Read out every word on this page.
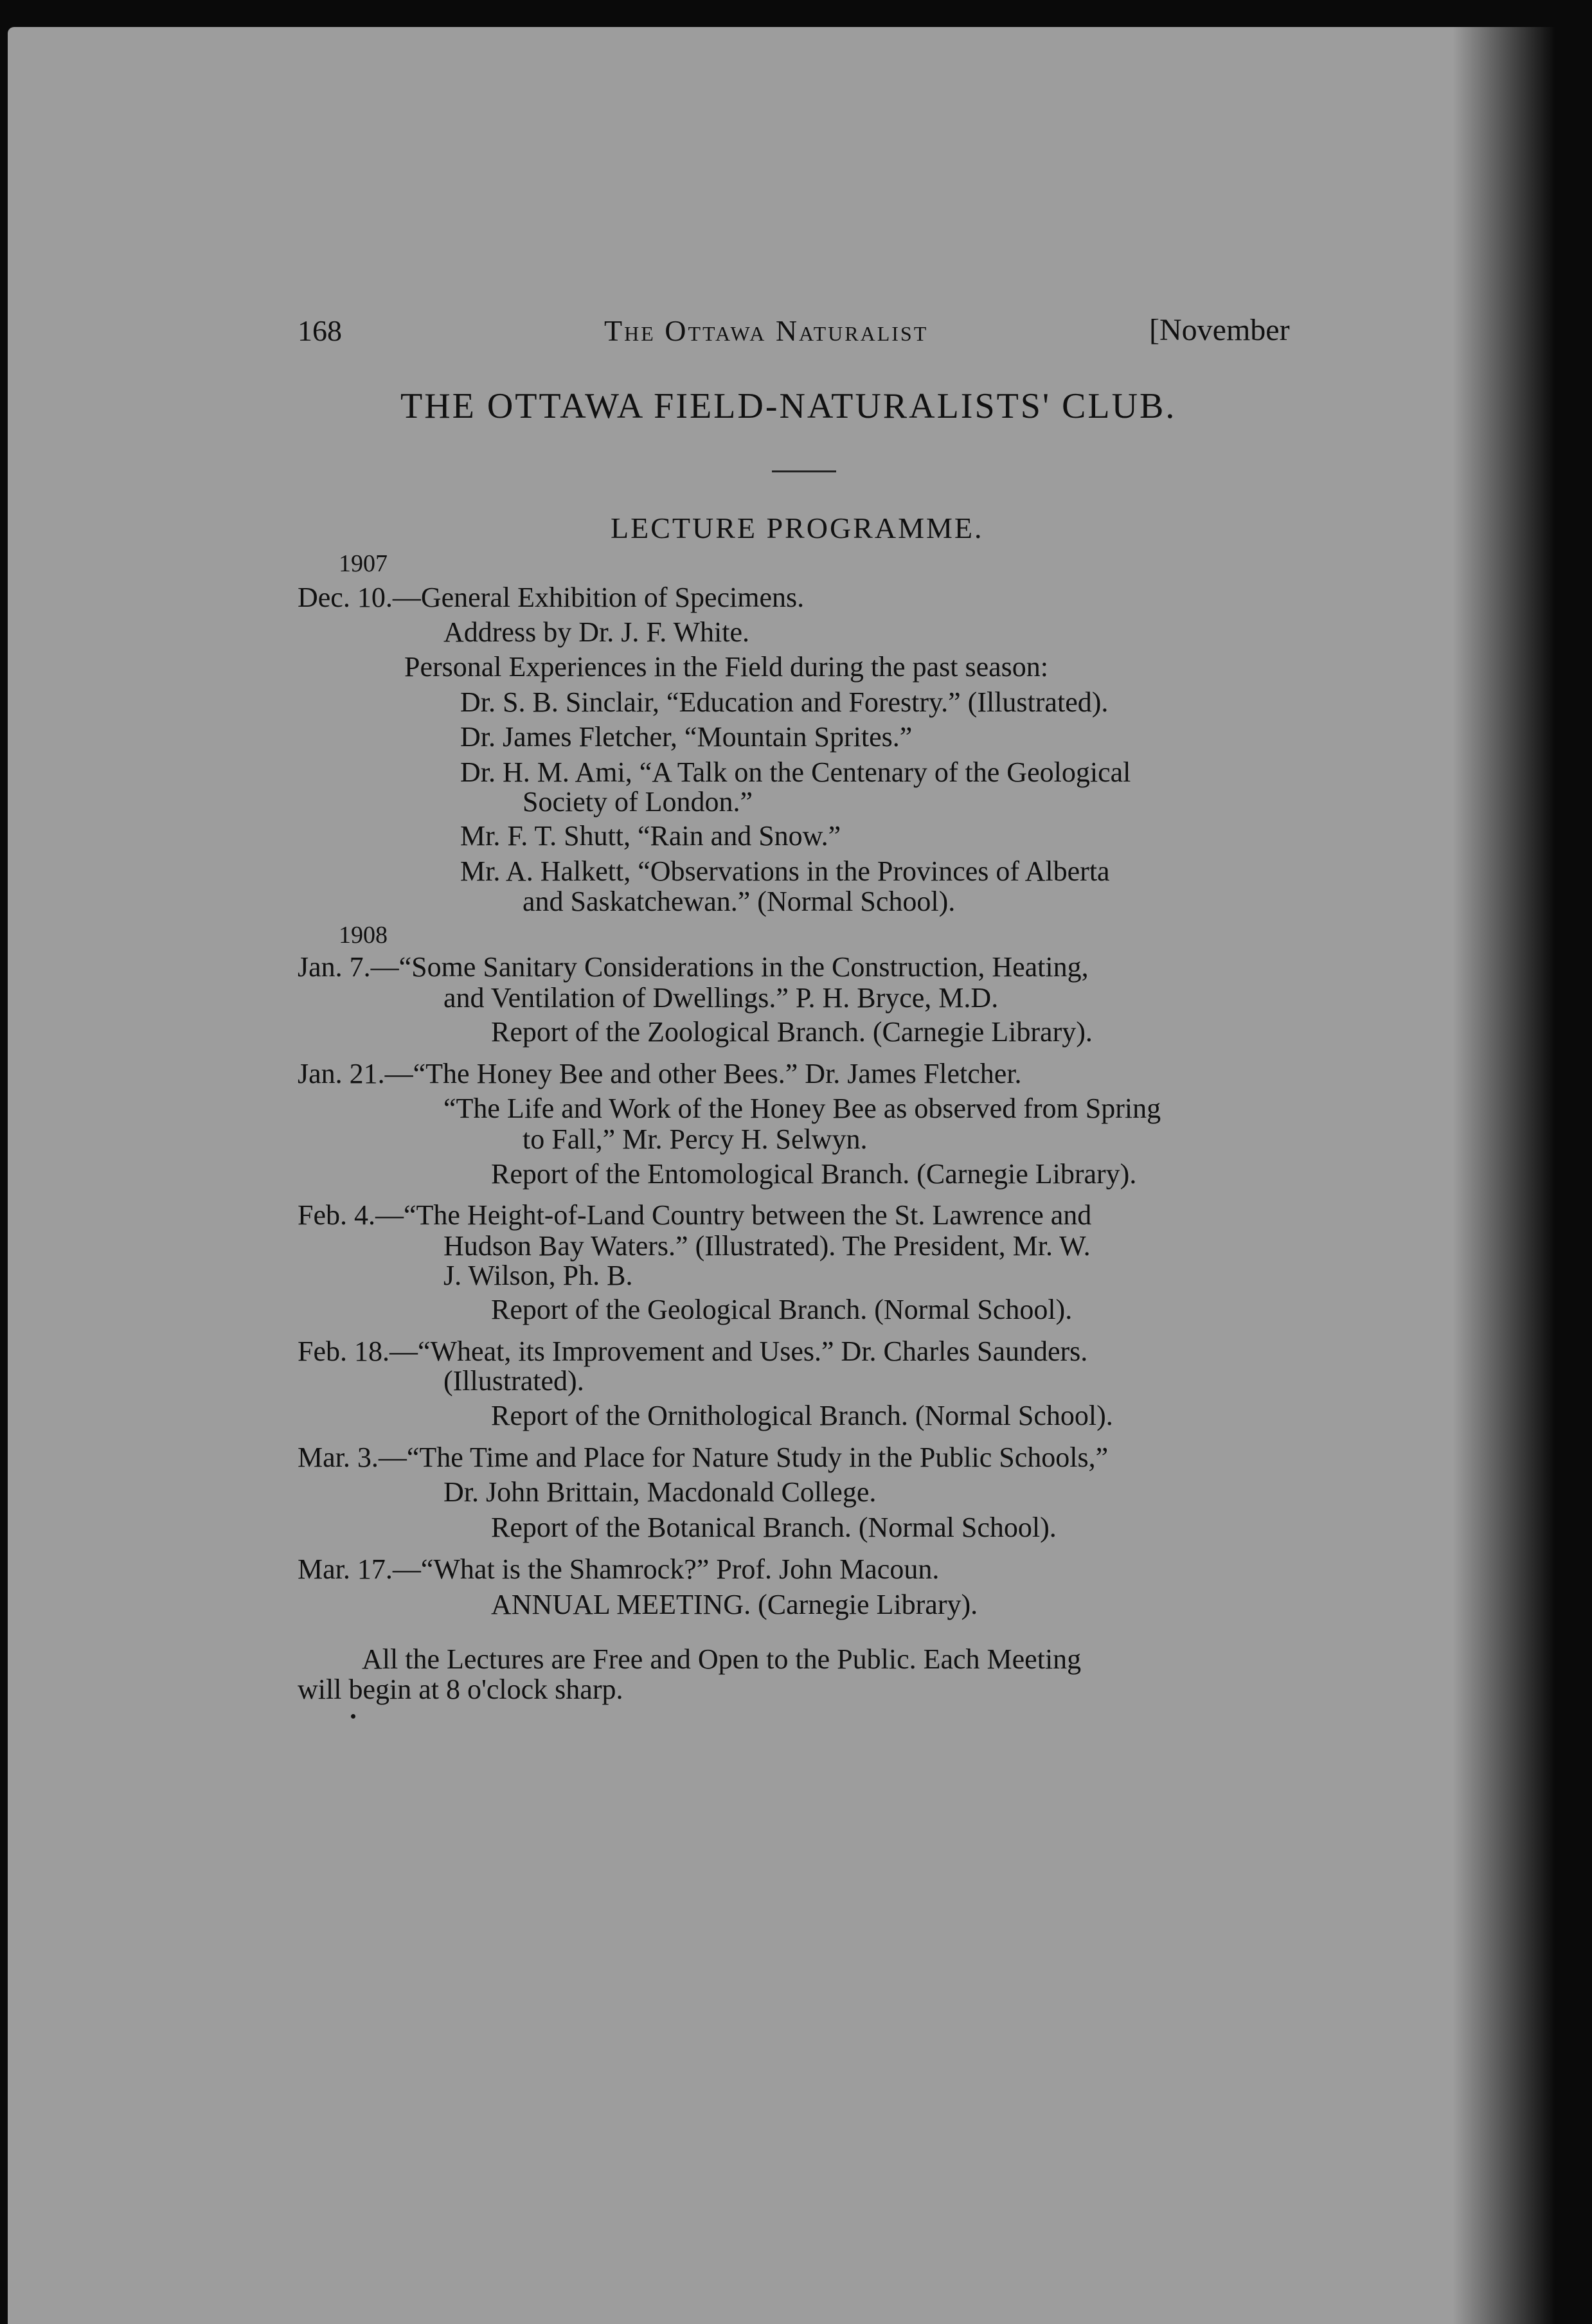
168	The Ottawa Naturalist	[November
THE OTTAWA FIELD-NATURALISTS' CLUB.
LECTURE PROGRAMME.
1907
Dec. 10.—General Exhibition of Specimens.
Address by Dr. J. F. White.
Personal Experiences in the Field during the past season:
Dr. S. B. Sinclair, “Education and Forestry.” (Illustrated).
Dr. James Fletcher, “Mountain Sprites.”
Dr. H. M. Ami, “A Talk on the Centenary of the Geological
Society of London.”
Mr. F. T. Shutt, “Rain and Snow.”
Mr. A. Halkett, “Observations in the Provinces of Alberta
and Saskatchewan.” (Normal School).
1908
Jan. 7.—“Some Sanitary Considerations in the Construction, Heating,
and Ventilation of Dwellings.” P. H. Bryce, M.D.
Report of the Zoological Branch. (Carnegie Library).
Jan. 21.—“The Honey Bee and other Bees.” Dr. James Fletcher.
“The Life and Work of the Honey Bee as observed from Spring
to Fall,” Mr. Percy H. Selwyn.
Report of the Entomological Branch. (Carnegie Library).
Feb. 4.—“The Height-of-Land Country between the St. Lawrence and
Hudson Bay Waters.” (Illustrated). The President, Mr. W.
J. Wilson, Ph. B.
Report of the Geological Branch. (Normal School).
Feb. 18.—“Wheat, its Improvement and Uses.” Dr. Charles Saunders.
(Illustrated).
Report of the Ornithological Branch. (Normal School).
Mar. 3.—“The Time and Place for Nature Study in the Public Schools,”
Dr. John Brittain, Macdonald College.
Report of the Botanical Branch. (Normal School).
Mar. 17.—“What is the Shamrock?” Prof. John Macoun.
ANNUAL MEETING. (Carnegie Library).
All the Lectures are Free and Open to the Public. Each Meeting
will begin at 8 o'clock sharp.
